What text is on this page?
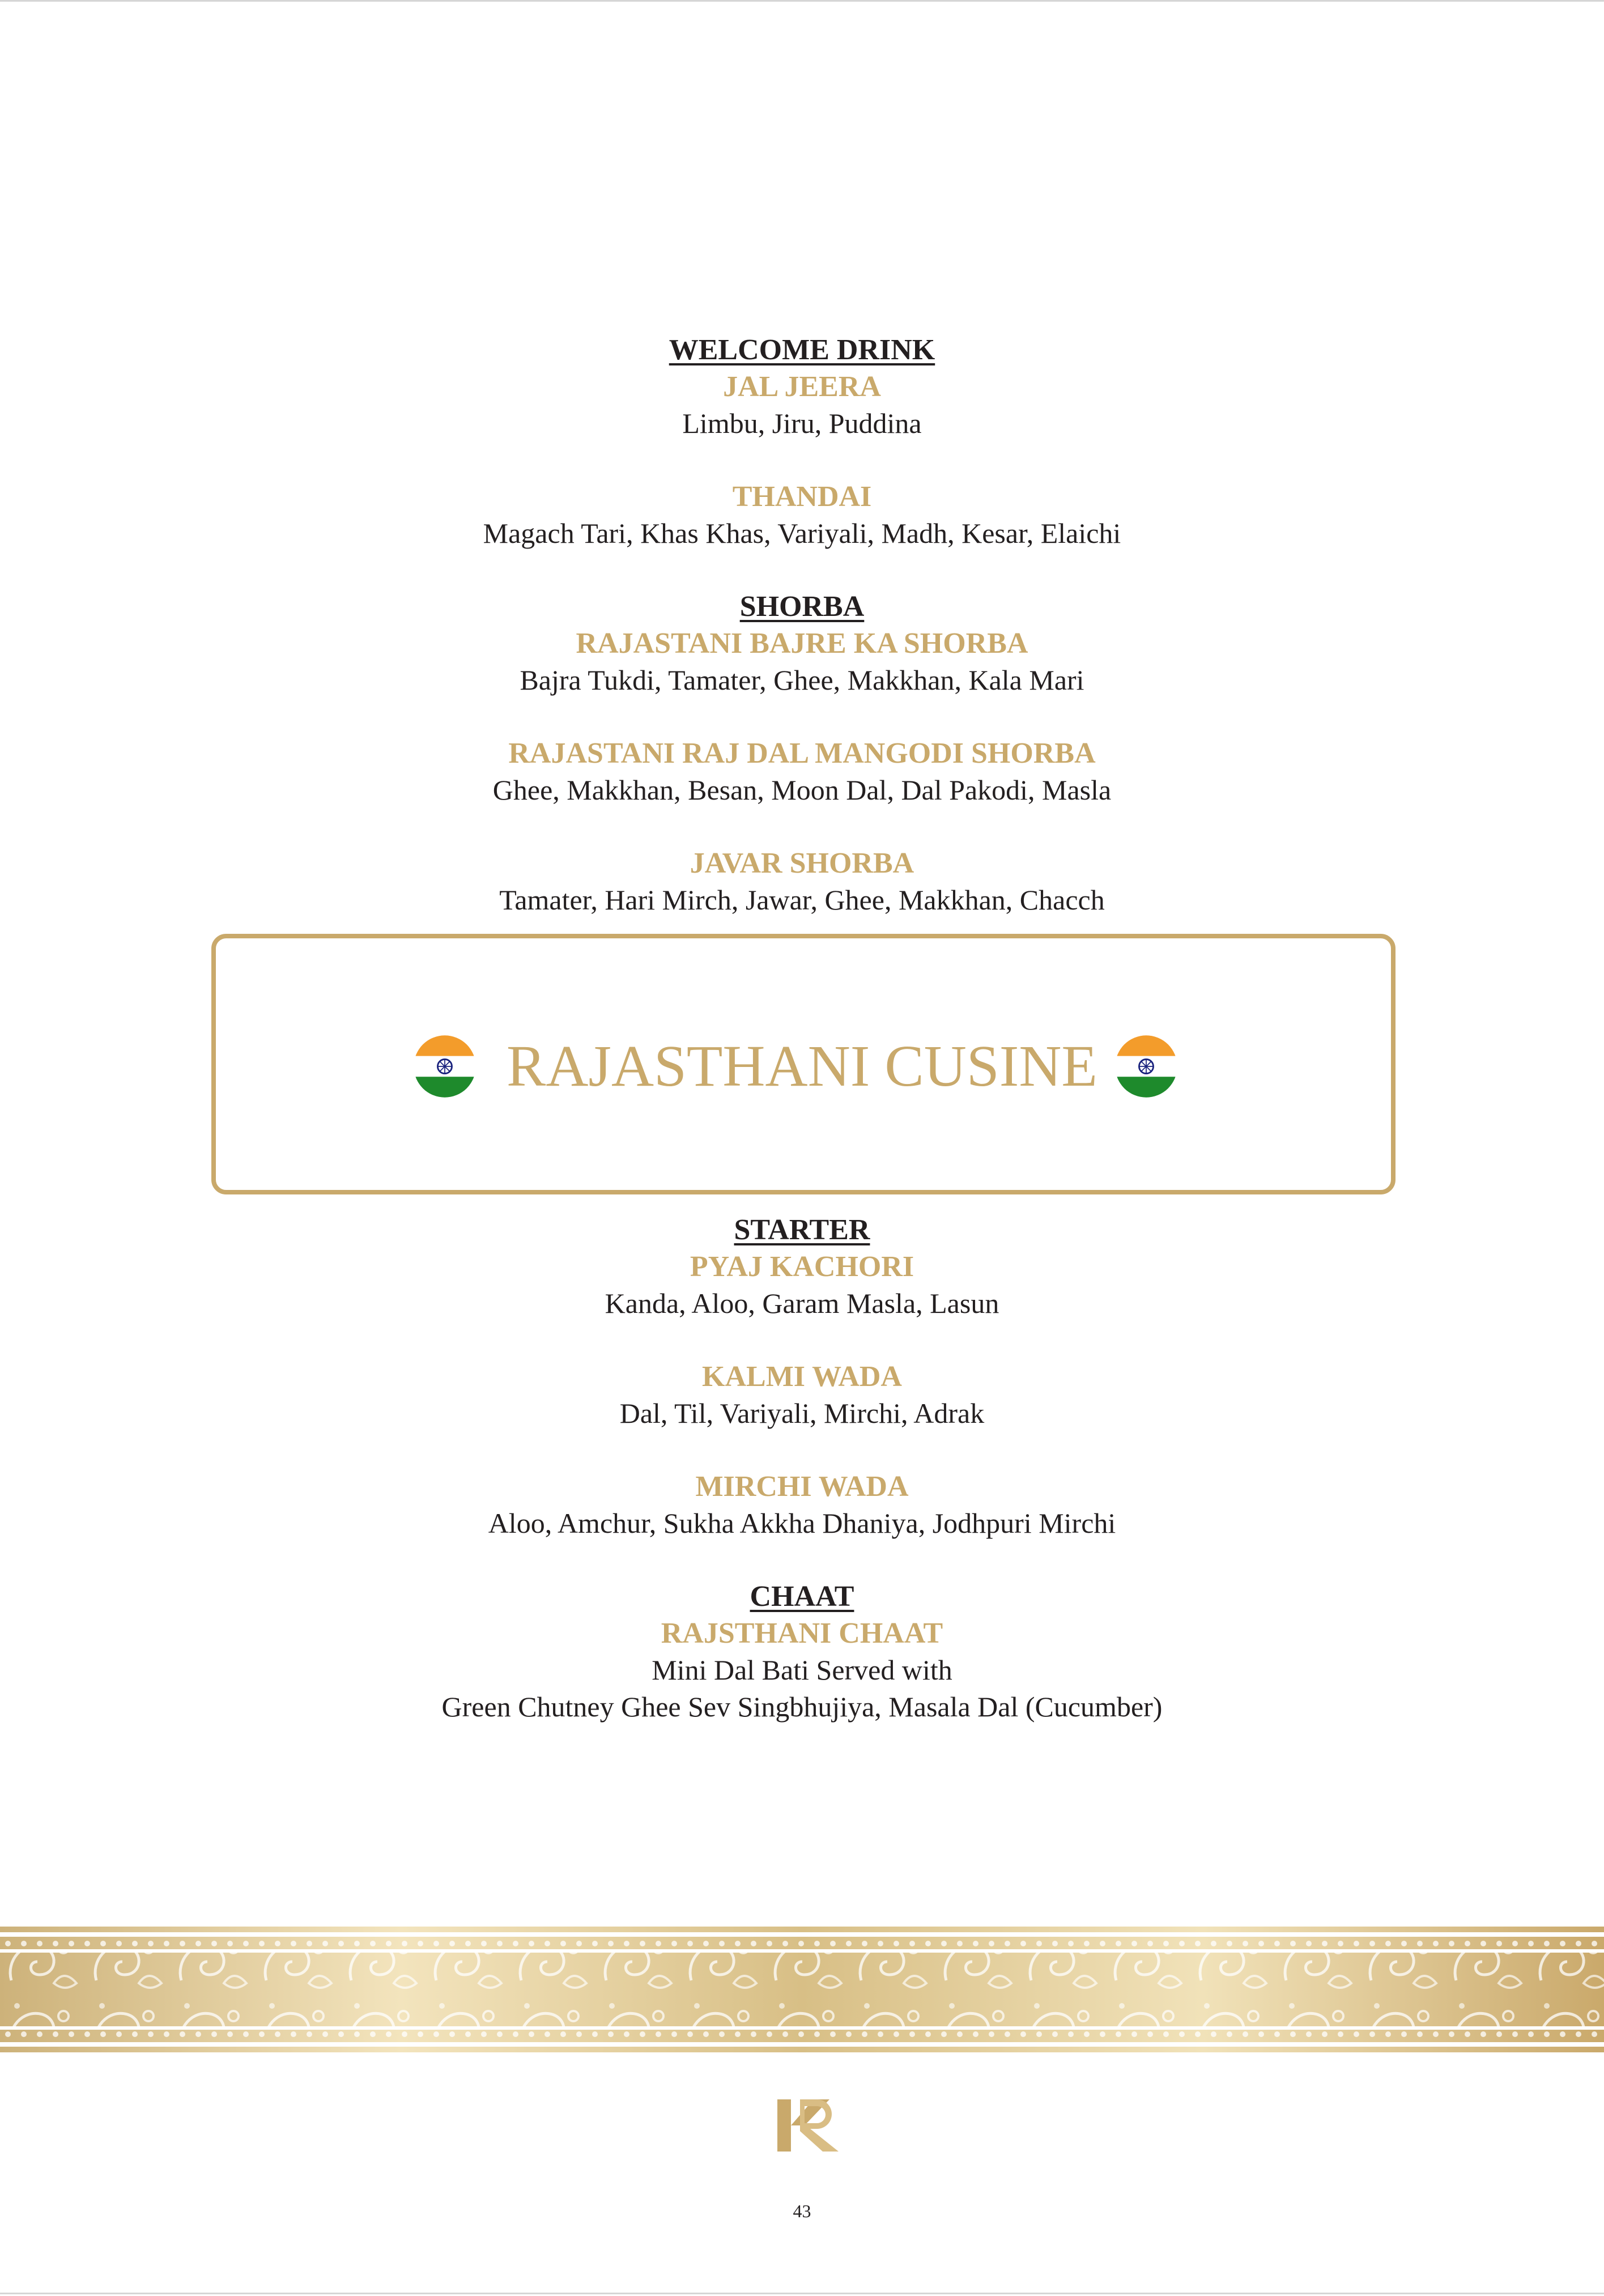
WELCOME DRINK
JAL JEERA
Limbu, Jiru, Puddina
THANDAI
Magach Tari, Khas Khas, Variyali, Madh, Kesar, Elaichi
SHORBA
RAJASTANI BAJRE KA SHORBA
Bajra Tukdi, Tamater, Ghee, Makkhan, Kala Mari
RAJASTANI RAJ DAL MANGODI SHORBA
Ghee, Makkhan, Besan, Moon Dal, Dal Pakodi, Masla
JAVAR SHORBA
Tamater, Hari Mirch, Jawar, Ghee, Makkhan, Chacch
RAJASTHANI CUSINE
STARTER
PYAJ KACHORI
Kanda, Aloo, Garam Masla, Lasun
KALMI WADA
Dal, Til, Variyali, Mirchi, Adrak
MIRCHI WADA
Aloo, Amchur, Sukha Akkha Dhaniya, Jodhpuri Mirchi
CHAAT
RAJSTHANI CHAAT
Mini Dal Bati Served with
Green Chutney Ghee Sev Singbhujiya, Masala Dal (Cucumber)
43
